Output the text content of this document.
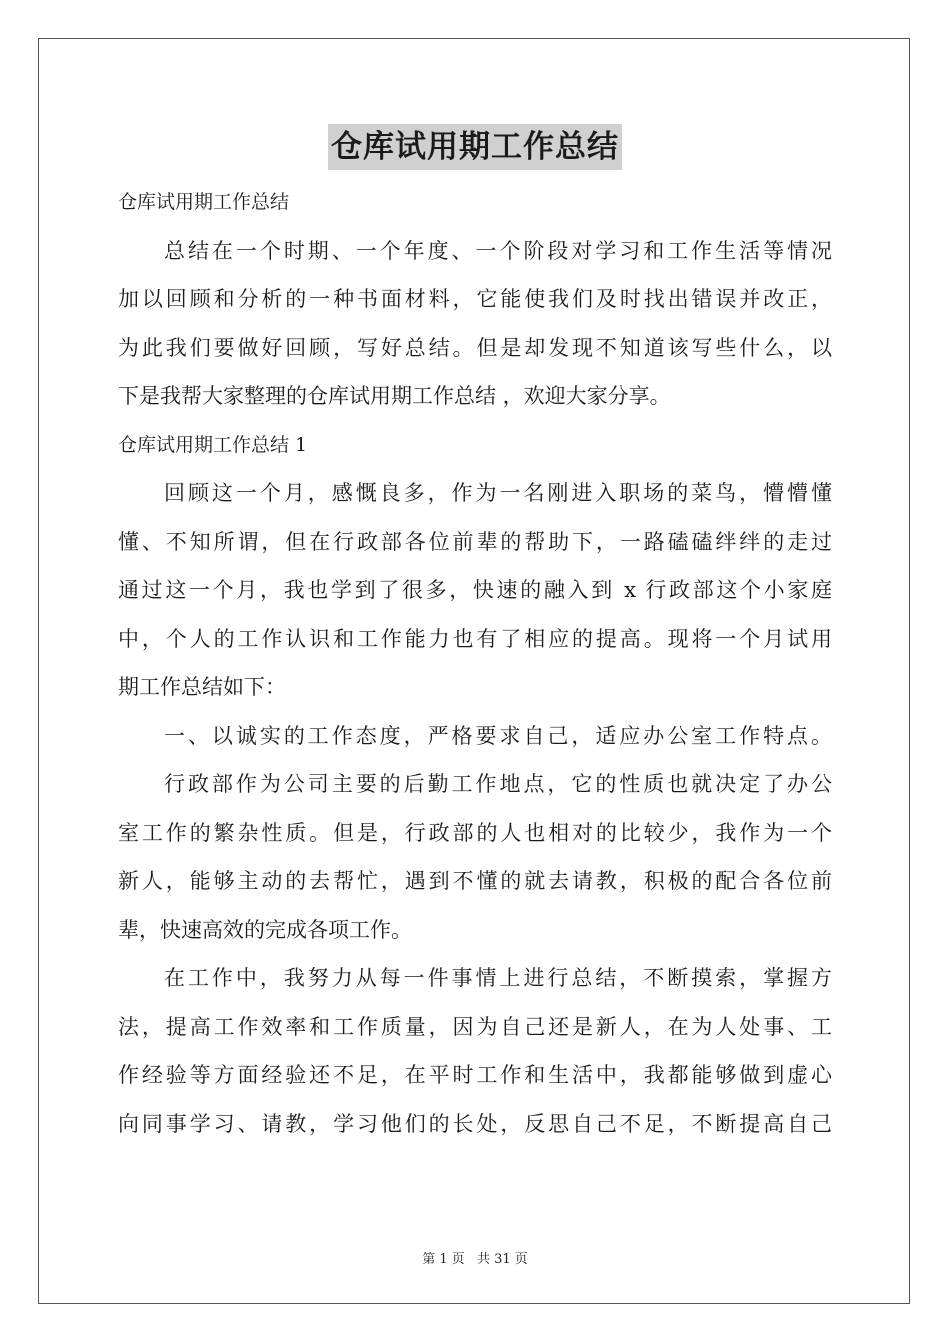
仓库试用期工作总结
仓库试用期工作总结
总结在一个时期、一个年度、一个阶段对学习和工作生活等情况
加以回顾和分析的一种书面材料，它能使我们及时找出错误并改正，
为此我们要做好回顾，写好总结。但是却发现不知道该写些什么，以
下是我帮大家整理的仓库试用期工作总结 ，欢迎大家分享。
仓库试用期工作总结 1
回顾这一个月，感慨良多，作为一名刚进入职场的菜鸟，懵懵懂
懂、不知所谓，但在行政部各位前辈的帮助下，一路磕磕绊绊的走过
通过这一个月，我也学到了很多，快速的融入到 x 行政部这个小家庭
中，个人的工作认识和工作能力也有了相应的提高。现将一个月试用
期工作总结如下：
一、以诚实的工作态度，严格要求自己，适应办公室工作特点。
行政部作为公司主要的后勤工作地点，它的性质也就决定了办公
室工作的繁杂性质。但是，行政部的人也相对的比较少，我作为一个
新人，能够主动的去帮忙，遇到不懂的就去请教，积极的配合各位前
辈，快速高效的完成各项工作。
在工作中，我努力从每一件事情上进行总结，不断摸索，掌握方
法，提高工作效率和工作质量，因为自己还是新人，在为人处事、工
作经验等方面经验还不足，在平时工作和生活中，我都能够做到虚心
向同事学习、请教，学习他们的长处，反思自己不足，不断提高自己
第 1 页 共 31 页
